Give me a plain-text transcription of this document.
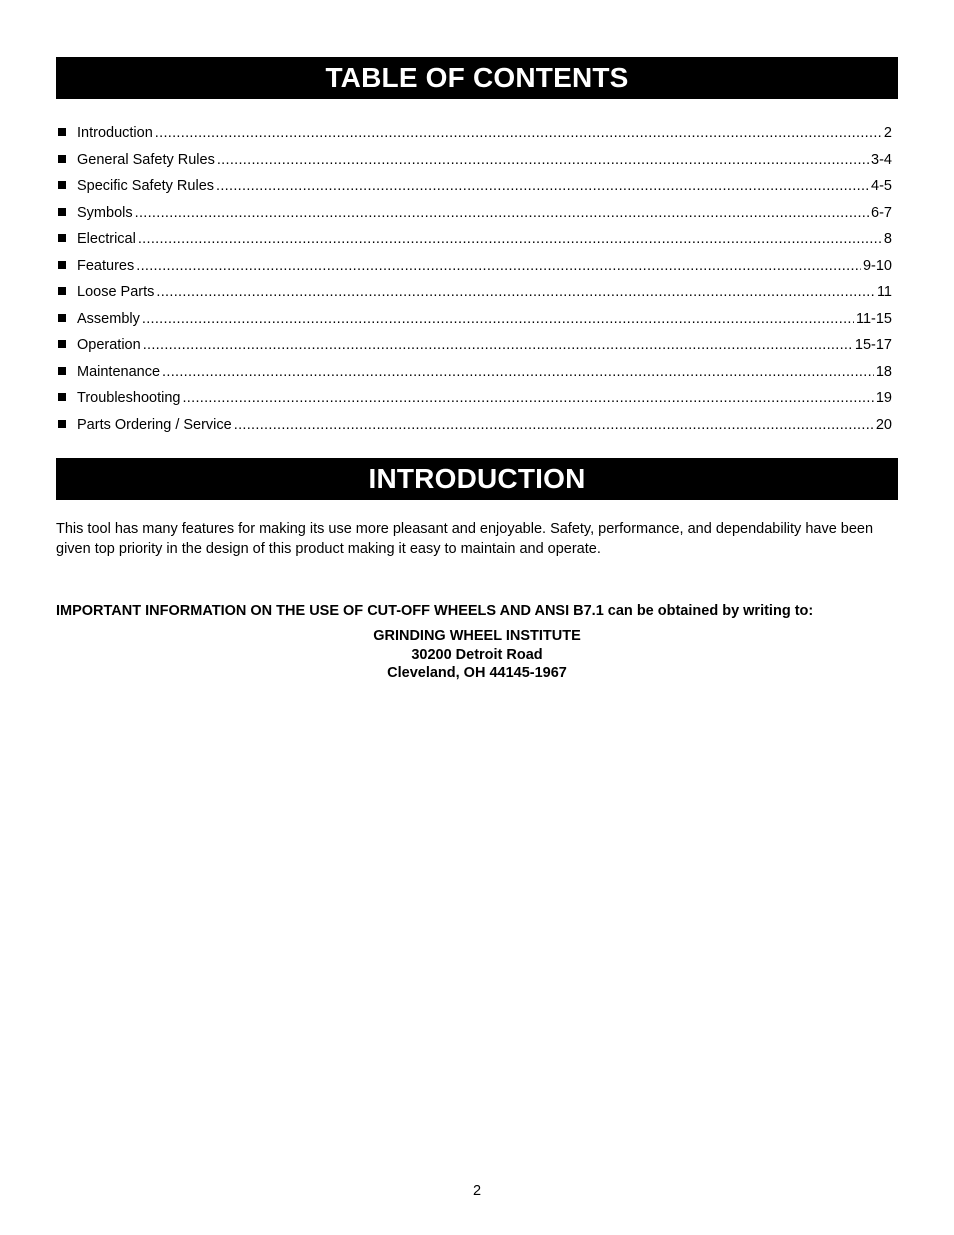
TABLE OF CONTENTS
Introduction .....	2
General Safety Rules .....	3-4
Specific Safety Rules .....	4-5
Symbols .....	6-7
Electrical .....	8
Features .....	9-10
Loose Parts .....	11
Assembly .....	11-15
Operation .....	15-17
Maintenance .....	18
Troubleshooting .....	19
Parts Ordering / Service .....	20
INTRODUCTION

This tool has many features for making its use more pleasant and enjoyable. Safety, performance, and dependability have been given top priority in the design of this product making it easy to maintain and operate.

IMPORTANT INFORMATION ON THE USE OF CUT-OFF WHEELS AND ANSI B7.1 can be obtained by writing to:

GRINDING WHEEL INSTITUTE
30200 Detroit Road
Cleveland, OH 44145-1967
2
